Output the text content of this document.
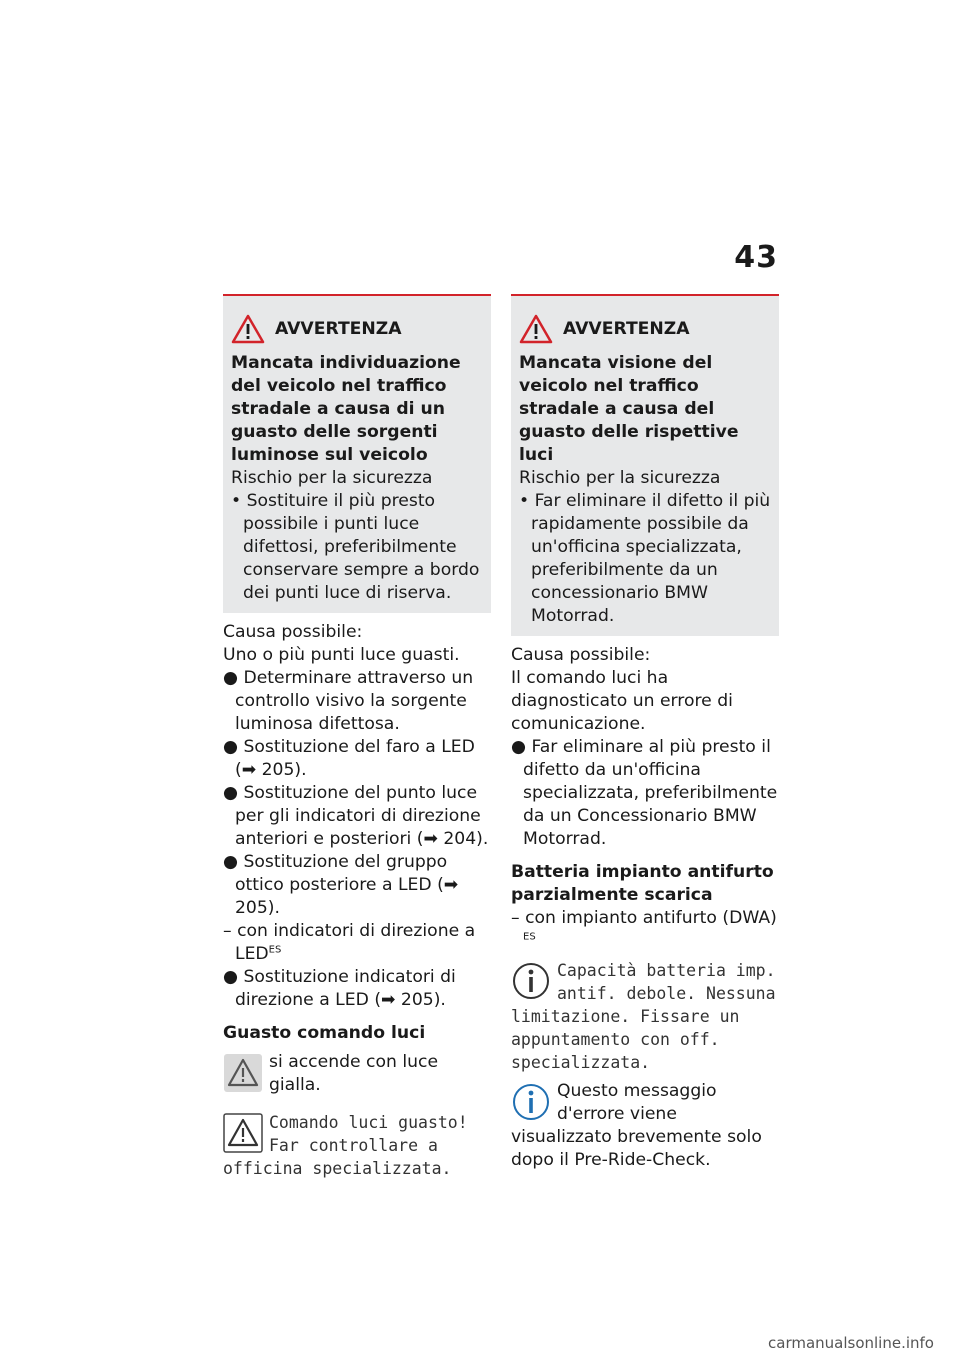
43
AVVERTENZA
Mancata individuazione del veicolo nel traffico stradale a causa di un guasto delle sorgenti luminose sul veicolo
Rischio per la sicurezza
• Sostituire il più presto possibile i punti luce difettosi, preferibilmente conservare sempre a bordo dei punti luce di riserva.
Causa possibile:
Uno o più punti luce guasti.
● Determinare attraverso un controllo visivo la sorgente luminosa difettosa.
● Sostituzione del faro a LED (➡ 205).
● Sostituzione del punto luce per gli indicatori di direzione anteriori e posteriori (➡ 204).
● Sostituzione del gruppo ottico posteriore a LED (➡ 205).
– con indicatori di direzione a $LED^{ES}$
● Sostituzione indicatori di direzione a LED (➡ 205).
Guasto comando luci
si accende con luce gialla.
Comando luci guasto! Far controllare a officina specializzata.
AVVERTENZA
Mancata visione del veicolo nel traffico stradale a causa del guasto delle rispettive luci
Rischio per la sicurezza
• Far eliminare il difetto il più rapidamente possibile da un'officina specializzata, preferibilmente da un concessionario BMW Motorrad.
Causa possibile:
Il comando luci ha diagnosticato un errore di comunicazione.
● Far eliminare al più presto il difetto da un'officina specializzata, preferibilmente da un Concessionario BMW Motorrad.
Batteria impianto antifurto parzialmente scarica
– con impianto antifurto (DWA) $^{ES}$
Capacità batteria imp. antif. debole. Nessuna limitazione. Fissare un appuntamento con off. specializzata.
Questo messaggio d'errore viene visualizzato brevemente solo dopo il Pre-Ride-Check.
carmanualsonline.info
